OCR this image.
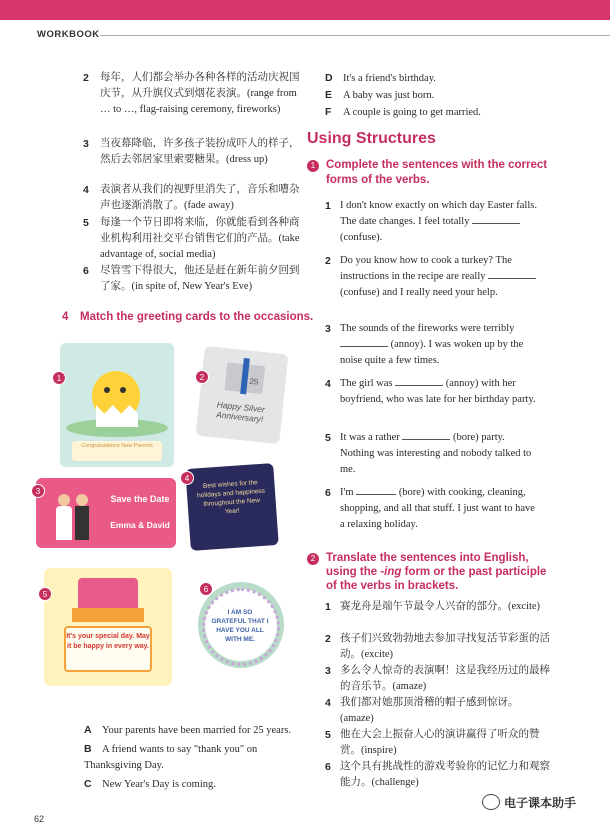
WORKBOOK
2 每年，人们都会举办各种各样的活动庆祝国庆节，从升旗仪式到烟花表演。(range from … to …, flag-raising ceremony, fireworks)
3 当夜幕降临，许多孩子装扮成吓人的样子，然后去邻居家里索要糖果。(dress up)
4 表演者从我们的视野里消失了，音乐和嘈杂声也逐渐消散了。(fade away)
5 每逢一个节日即将来临，你就能看到各种商业机构利用社交平台销售它们的产品。(take advantage of, social media)
6 尽管雪下得很大，他还是赶在新年前夕回到了家。(in spite of, New Year's Eve)
4 Match the greeting cards to the occasions.
Congratulations New Parents
1	25
Happy Silver Anniversary!
2
Save the Date
Emma & David
3
Best wishes for the holidays and happiness throughout the New Year!
4
It's your special day. May it be happy in every way.
5
I AM SO GRATEFUL THAT I HAVE YOU ALL WITH ME.
6
A Your parents have been married for 25 years.
B A friend wants to say "thank you" on Thanksgiving Day.
C New Year's Day is coming.
D It's a friend's birthday.
E A baby was just born.
F A couple is going to get married.
Using Structures
1 Complete the sentences with the correct forms of the verbs.
1 I don't know exactly on which day Easter falls. The date changes. I feel totally  (confuse).
2 Do you know how to cook a turkey? The instructions in the recipe are really  (confuse) and I really need your help.
3 The sounds of the fireworks were terribly  (annoy). I was woken up by the noise quite a few times.
4 The girl was	(annoy) with her boyfriend, who was late for her birthday party.
5 It was a rather	(bore) party. Nothing was interesting and nobody talked to me.
6 I'm	(bore) with cooking, cleaning, shopping, and all that stuff. I just want to have a relaxing holiday.
2 Translate the sentences into English, using the -ing form or the past participle of the verbs in brackets.
1 赛龙舟是端午节最令人兴奋的部分。(excite)
2 孩子们兴致勃勃地去参加寻找复活节彩蛋的活动。(excite)
3 多么令人惊奇的表演啊！这是我经历过的最棒的音乐节。(amaze)
4 我们都对她那顶滑稽的帽子感到惊讶。(amaze)
5 他在大会上振奋人心的演讲赢得了听众的赞赏。(inspire)
6 这个具有挑战性的游戏考验你的记忆力和观察能力。(challenge)
62
电子课本助手
